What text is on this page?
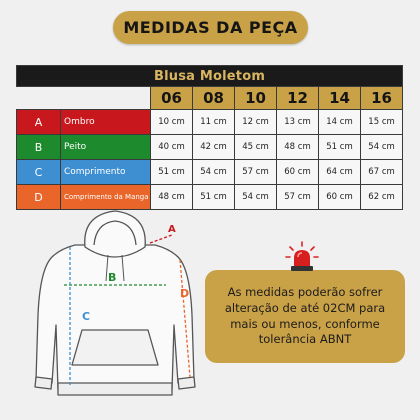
MEDIDAS DA PEÇA
Blusa Moletom							
		06	08	10	12	14	16
A	Ombro	10 cm	11 cm	12 cm	13 cm	14 cm	15 cm
B	Peito	40 cm	42 cm	45 cm	48 cm	51 cm	54 cm
C	Comprimento	51 cm	54 cm	57 cm	60 cm	64 cm	67 cm
D	Comprimento da Manga	48 cm	51 cm	54 cm	57 cm	60 cm	62 cm
A
B
C
D	As medidas poderão sofrer
alteração de até 02CM para
mais ou menos, conforme
tolerância ABNT
